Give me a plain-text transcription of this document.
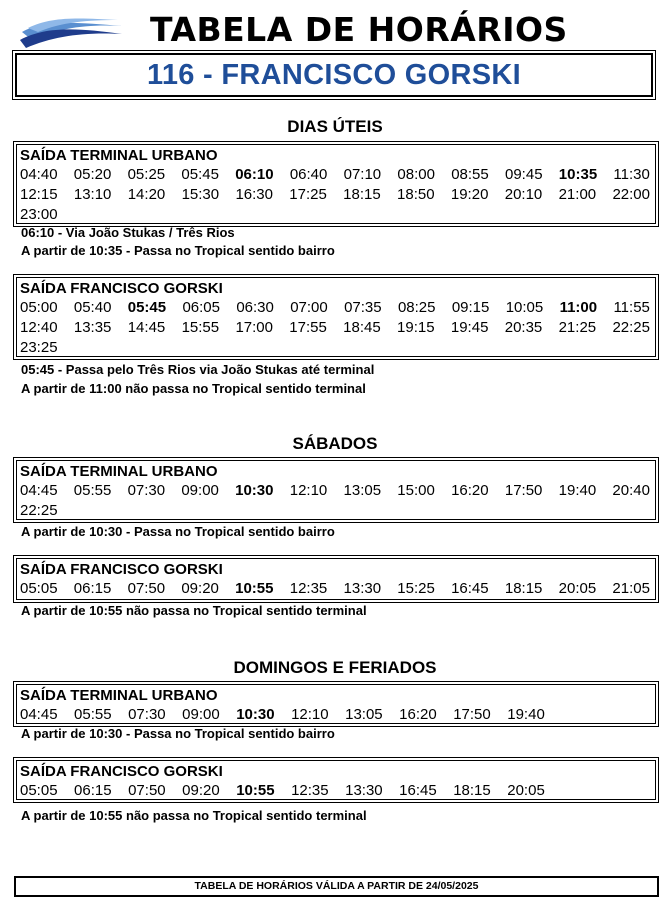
TABELA DE HORÁRIOS
116 - FRANCISCO GORSKI
DIAS ÚTEIS
SAÍDA TERMINAL URBANO
04:40 05:20 05:25 05:45 06:10 06:40 07:10 08:00 08:55 09:45 10:35 11:30
12:15 13:10 14:20 15:30 16:30 17:25 18:15 18:50 19:20 20:10 21:00 22:00
23:00

06:10 - Via João Stukas / Três Rios

A partir de 10:35 - Passa no Tropical sentido bairro

SAÍDA FRANCISCO GORSKI
05:00 05:40 05:45 06:05 06:30 07:00 07:35 08:25 09:15 10:05 11:00 11:55
12:40 13:35 14:45 15:55 17:00 17:55 18:45 19:15 19:45 20:35 21:25 22:25
23:25

05:45 - Passa pelo Três Rios via João Stukas até terminal

A partir de 11:00 não passa no Tropical sentido terminal

SÁBADOS
SAÍDA TERMINAL URBANO
04:45 05:55 07:30 09:00 10:30 12:10 13:05 15:00 16:20 17:50 19:40 20:40
22:25

A partir de 10:30 - Passa no Tropical sentido bairro

SAÍDA FRANCISCO GORSKI
05:05 06:15 07:50 09:20 10:55 12:35 13:30 15:25 16:45 18:15 20:05 21:05

A partir de 10:55 não passa no Tropical sentido terminal

DOMINGOS E FERIADOS
SAÍDA TERMINAL URBANO
04:45 05:55 07:30 09:00 10:30 12:10 13:05 16:20 17:50 19:40

A partir de 10:30 - Passa no Tropical sentido bairro

SAÍDA FRANCISCO GORSKI
05:05 06:15 07:50 09:20 10:55 12:35 13:30 16:45 18:15 20:05

A partir de 10:55 não passa no Tropical sentido terminal

TABELA DE HORÁRIOS VÁLIDA A PARTIR DE 24/05/2025
